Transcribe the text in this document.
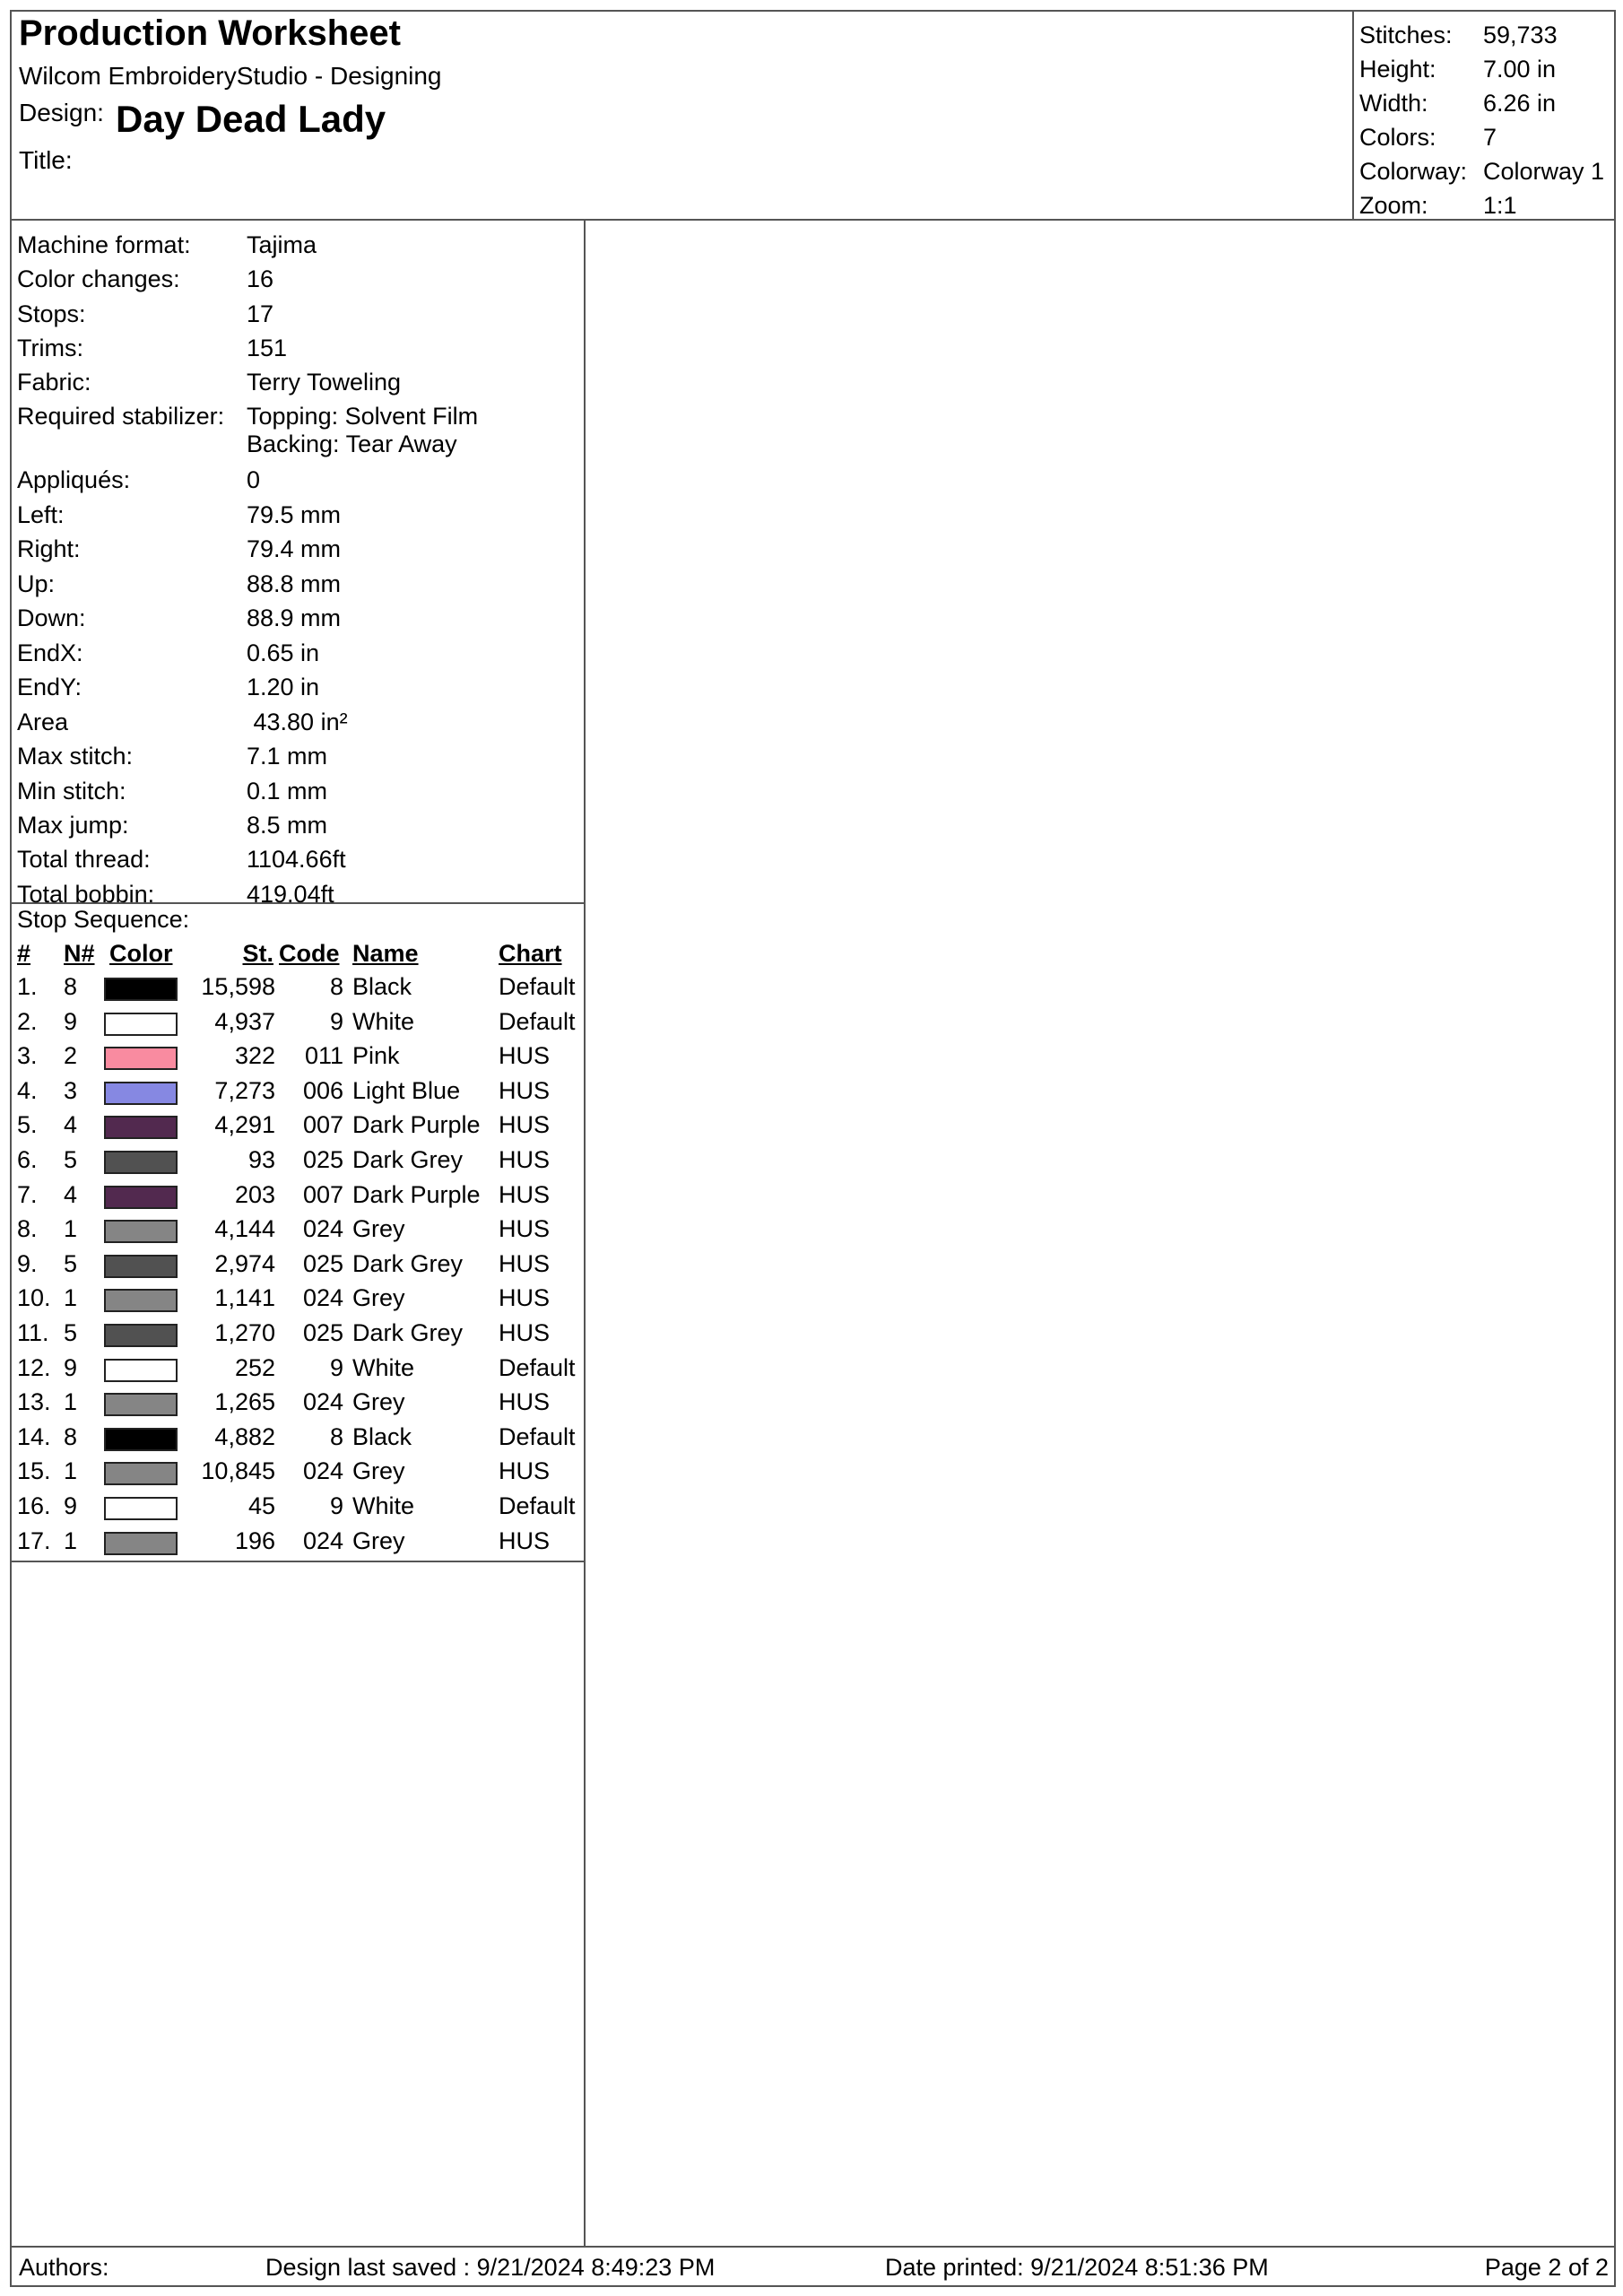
Production Worksheet
Wilcom EmbroideryStudio - Designing
Design: Day Dead Lady
Title:
Stitches: 59,733
Height: 7.00 in
Width: 6.26 in
Colors: 7
Colorway: Colorway 1
Zoom: 1:1
Machine format: Tajima
Color changes:	16
Stops:	17
Trims:	151
Fabric:	Terry Toweling
Required stabilizer: Topping: Solvent Film
Backing: Tear Away
Appliqués:	0
Left:	79.5 mm
Right:	79.4 mm
Up:	88.8 mm
Down:	88.9 mm
EndX:	0.65 in
EndY:	1.20 in
Area	43.80 in²
Max stitch:	7.1 mm
Min stitch:	0.1 mm
Max jump:	8.5 mm
Total thread:	1104.66ft
Total bobbin:	419.04ft
Stop Sequence:
# N# Color	St. Code Name	Chart
1. 8	15,598 8 Black	Default
2. 9	4,937 9 White	Default
3. 2	322 011 Pink	HUS
4. 3	7,273 006 Light Blue HUS
5. 4	4,291 007 Dark Purple HUS
6. 5	93 025 Dark Grey HUS
7. 4	203 007 Dark Purple HUS
8. 1	4,144 024 Grey	HUS
9. 5	2,974 025 Dark Grey HUS
10. 1	1,141 024 Grey	HUS
11. 5	1,270 025 Dark Grey HUS
12. 9	252 9 White	Default
13. 1	1,265 024 Grey	HUS
14. 8	4,882 8 Black	Default
15. 1	10,845 024 Grey	HUS
16. 9	45 9 White	Default
17. 1	196 024 Grey	HUS
Authors:	Design last saved : 9/21/2024 8:49:23 PM	Date printed: 9/21/2024 8:51:36 PM	Page 2 of 2
